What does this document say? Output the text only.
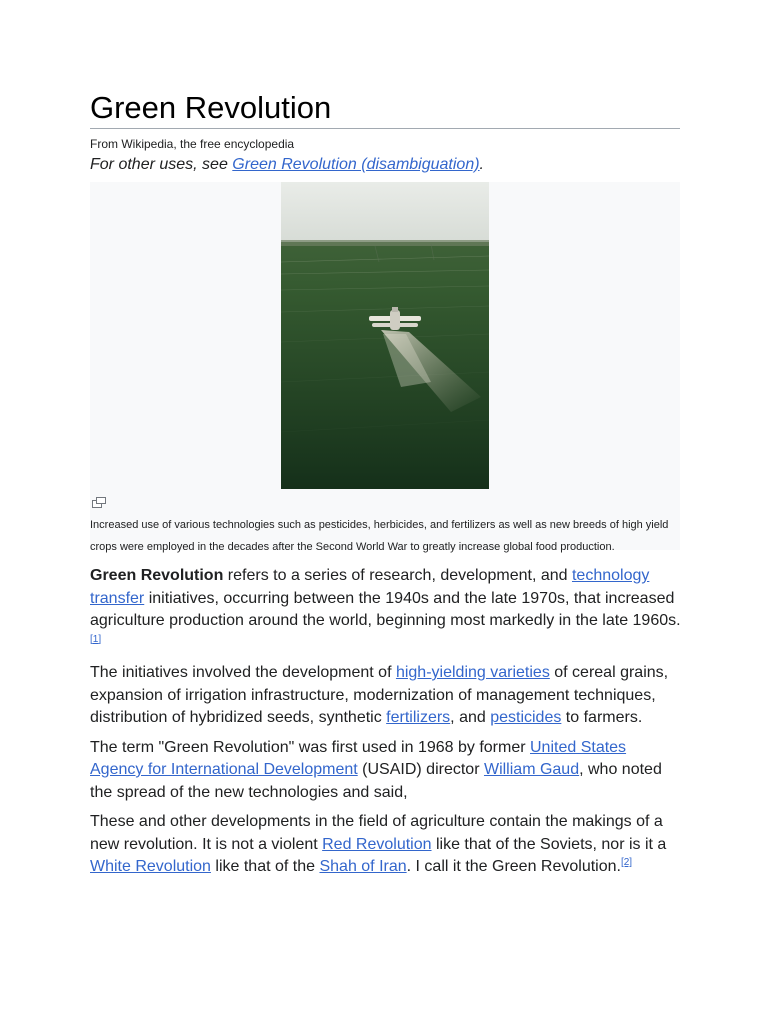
Green Revolution
From Wikipedia, the free encyclopedia
For other uses, see Green Revolution (disambiguation).
Increased use of various technologies such as pesticides, herbicides, and fertilizers as well as new breeds of high yield crops were employed in the decades after the Second World War to greatly increase global food production.

Green Revolution refers to a series of research, development, and technology transfer initiatives, occurring between the 1940s and the late 1970s, that increased agriculture production around the world, beginning most markedly in the late 1960s.[1]

The initiatives involved the development of high-yielding varieties of cereal grains, expansion of irrigation infrastructure, modernization of management techniques, distribution of hybridized seeds, synthetic fertilizers, and pesticides to farmers.

The term "Green Revolution" was first used in 1968 by former United States Agency for International Development (USAID) director William Gaud, who noted the spread of the new technologies and said,

These and other developments in the field of agriculture contain the makings of a new revolution. It is not a violent Red Revolution like that of the Soviets, nor is it a White Revolution like that of the Shah of Iran. I call it the Green Revolution.[2]
